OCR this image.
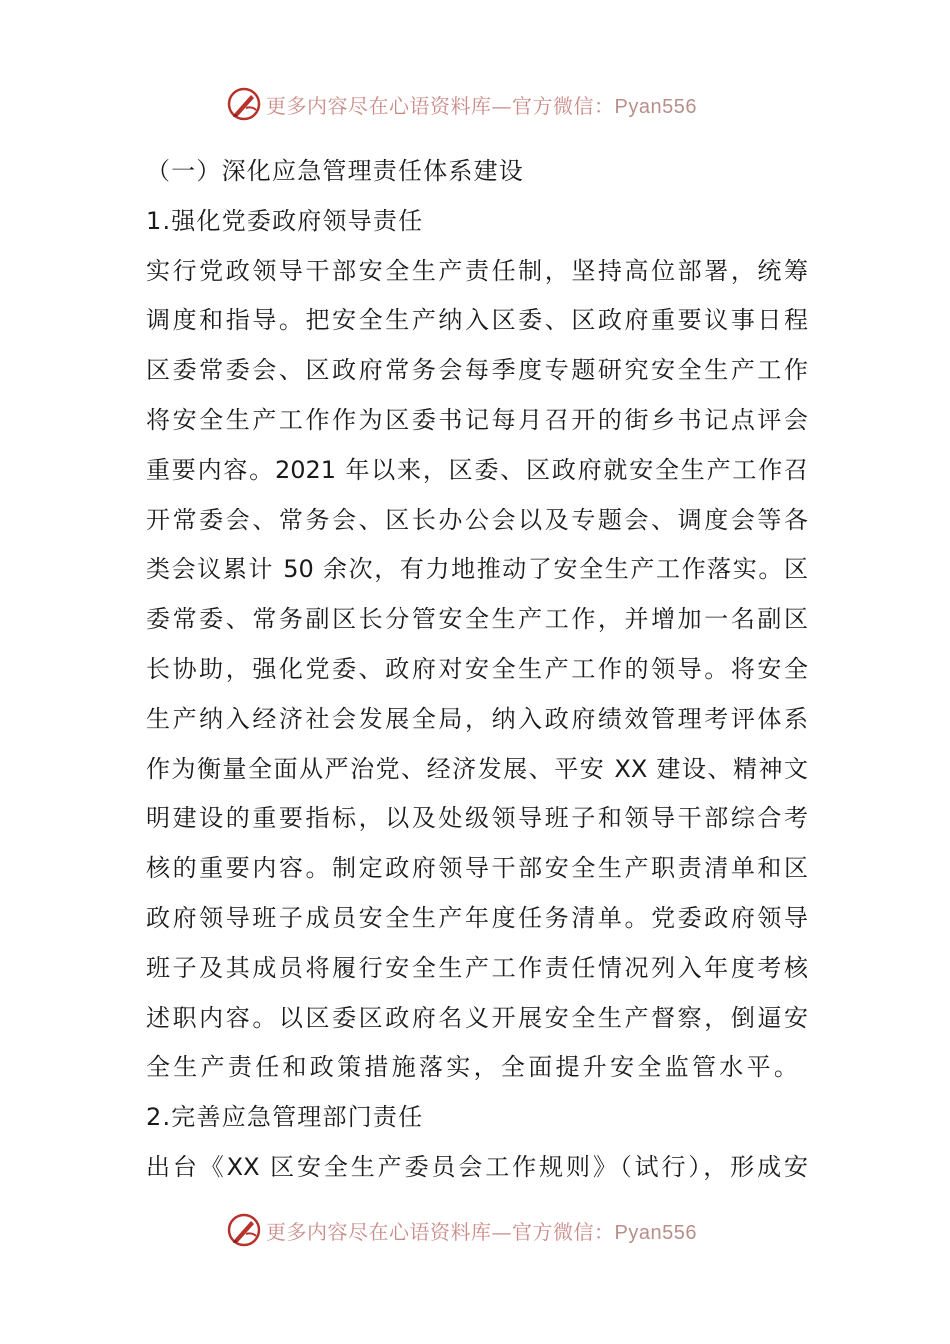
更多内容尽在心语资料库—官方微信：Pyan556
（一）深化应急管理责任体系建设
1.强化党委政府领导责任
实行党政领导干部安全生产责任制，坚持高位部署，统筹
调度和指导。把安全生产纳入区委、区政府重要议事日程
区委常委会、区政府常务会每季度专题研究安全生产工作
将安全生产工作作为区委书记每月召开的街乡书记点评会
重要内容。2021 年以来，区委、区政府就安全生产工作召
开常委会、常务会、区长办公会以及专题会、调度会等各
类会议累计 50 余次，有力地推动了安全生产工作落实。区
委常委、常务副区长分管安全生产工作，并增加一名副区
长协助，强化党委、政府对安全生产工作的领导。将安全
生产纳入经济社会发展全局，纳入政府绩效管理考评体系
作为衡量全面从严治党、经济发展、平安 XX 建设、精神文
明建设的重要指标，以及处级领导班子和领导干部综合考
核的重要内容。制定政府领导干部安全生产职责清单和区
政府领导班子成员安全生产年度任务清单。党委政府领导
班子及其成员将履行安全生产工作责任情况列入年度考核
述职内容。以区委区政府名义开展安全生产督察，倒逼安
全生产责任和政策措施落实，全面提升安全监管水平。
2.完善应急管理部门责任
出台《XX 区安全生产委员会工作规则》（试行），形成安
更多内容尽在心语资料库—官方微信：Pyan556
